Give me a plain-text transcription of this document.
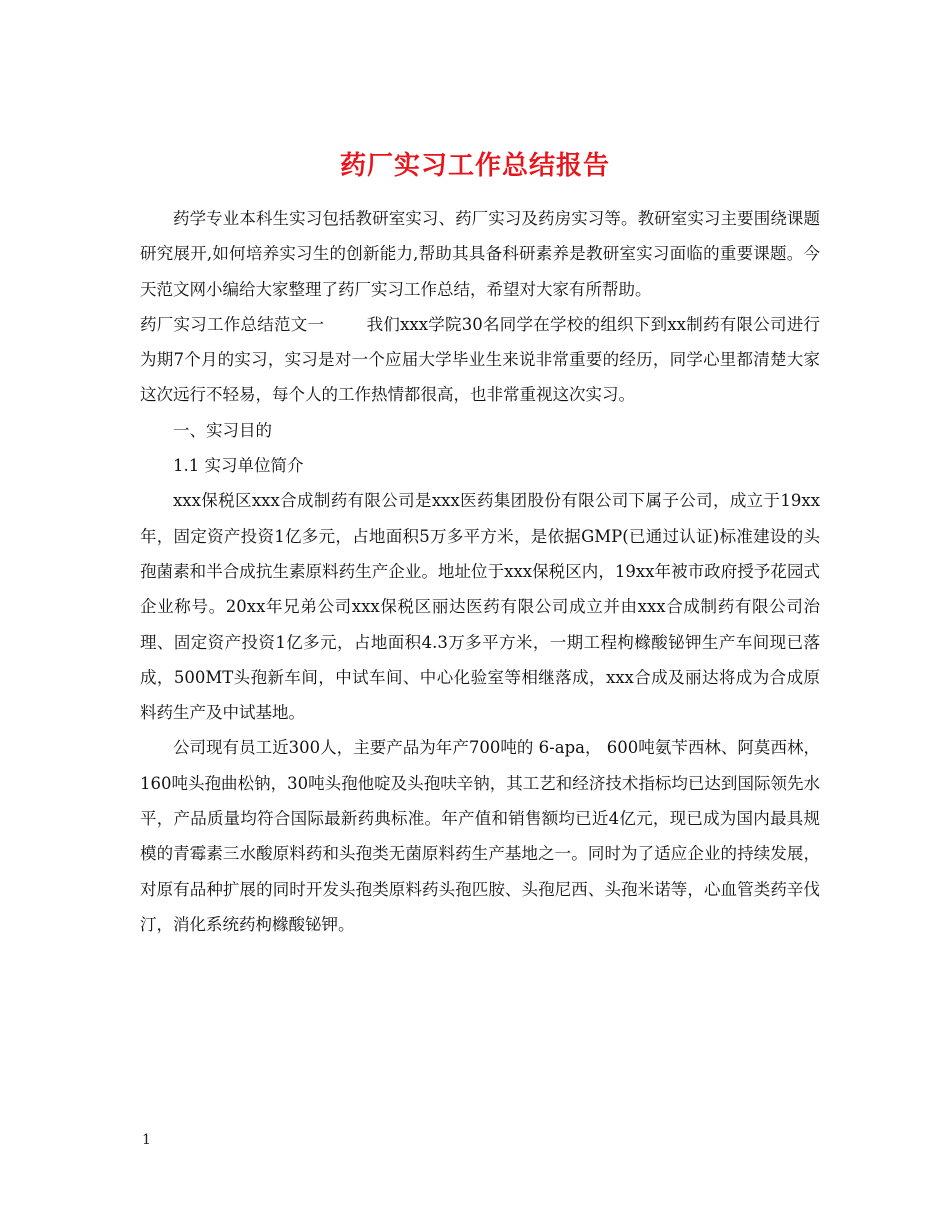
药厂实习工作总结报告

药学专业本科生实习包括教研室实习、药厂实习及药房实习等。教研室实习主要围绕课题研究展开,如何培养实习生的创新能力,帮助其具备科研素养是教研室实习面临的重要课题。今天范文网小编给大家整理了药厂实习工作总结，希望对大家有所帮助。

药厂实习工作总结范文一	我们xxx学院30名同学在学校的组织下到xx制药有限公司进行为期7个月的实习，实习是对一个应届大学毕业生来说非常重要的经历，同学心里都清楚大家这次远行不轻易，每个人的工作热情都很高，也非常重视这次实习。

一、实习目的

1.1 实习单位简介

xxx保税区xxx合成制药有限公司是xxx医药集团股份有限公司下属子公司，成立于19xx年，固定资产投资1亿多元，占地面积5万多平方米，是依据GMP(已通过认证)标准建设的头孢菌素和半合成抗生素原料药生产企业。地址位于xxx保税区内，19xx年被市政府授予花园式企业称号。20xx年兄弟公司xxx保税区丽达医药有限公司成立并由xxx合成制药有限公司治理、固定资产投资1亿多元，占地面积4.3万多平方米，一期工程枸橼酸铋钾生产车间现已落成，500MT头孢新车间，中试车间、中心化验室等相继落成，xxx合成及丽达将成为合成原料药生产及中试基地。

公司现有员工近300人，主要产品为年产700吨的 6-apa， 600吨氨苄西林、阿莫西林，160吨头孢曲松钠，30吨头孢他啶及头孢呋辛钠，其工艺和经济技术指标均已达到国际领先水平，产品质量均符合国际最新药典标准。年产值和销售额均已近4亿元，现已成为国内最具规模的青霉素三水酸原料药和头孢类无菌原料药生产基地之一。同时为了适应企业的持续发展，对原有品种扩展的同时开发头孢类原料药头孢匹胺、头孢尼西、头孢米诺等，心血管类药辛伐汀，消化系统药枸橼酸铋钾。

1
